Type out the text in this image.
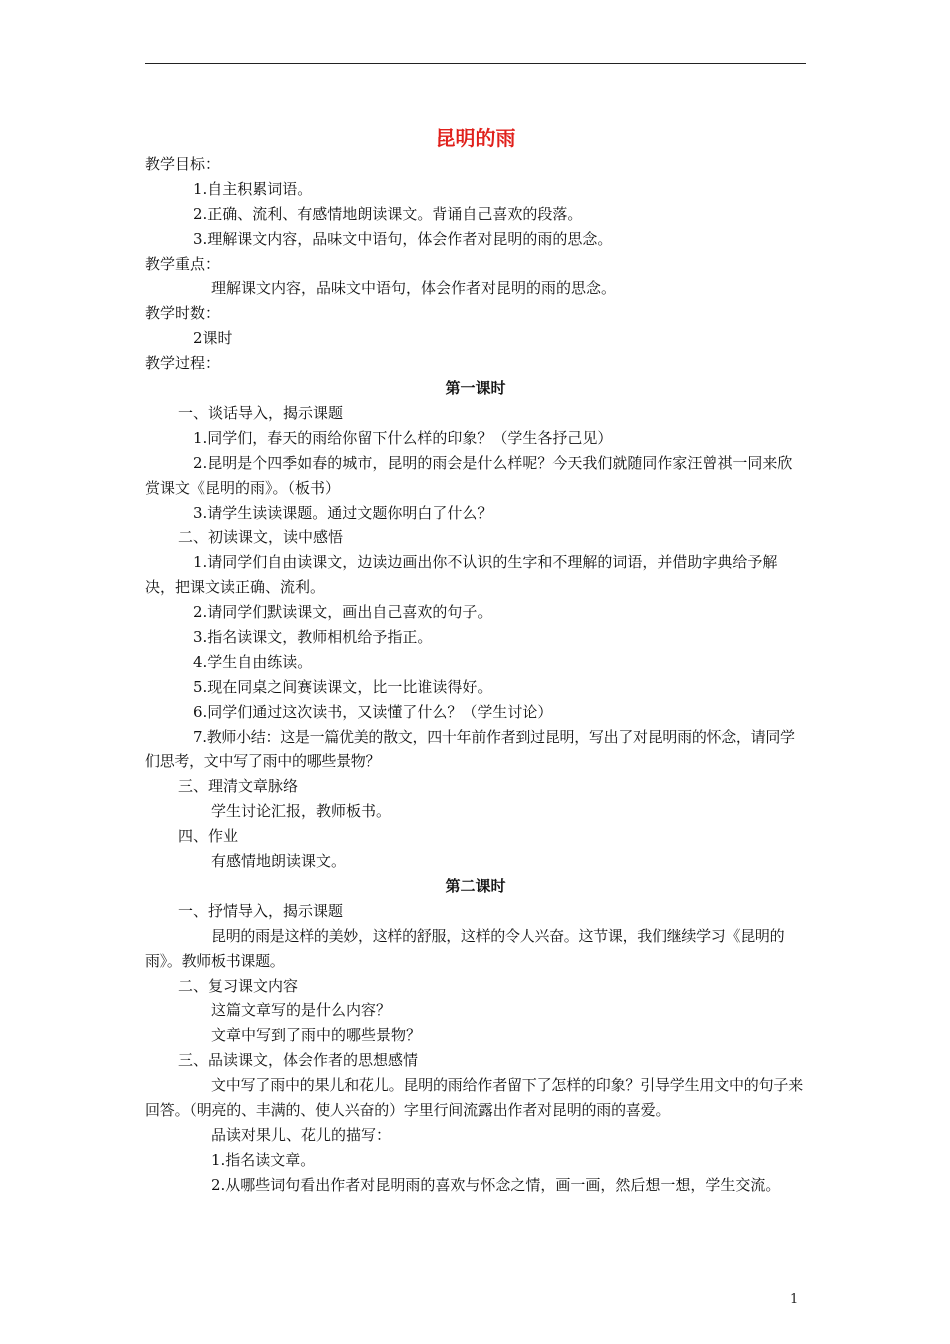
昆明的雨
教学目标：
1.自主积累词语。
2.正确、流利、有感情地朗读课文。背诵自己喜欢的段落。
3.理解课文内容，品味文中语句，体会作者对昆明的雨的思念。
教学重点：
理解课文内容，品味文中语句，体会作者对昆明的雨的思念。
教学时数：
2课时
教学过程：
第一课时
一、谈话导入，揭示课题
1.同学们，春天的雨给你留下什么样的印象？（学生各抒己见）
2.昆明是个四季如春的城市，昆明的雨会是什么样呢？今天我们就随同作家汪曾祺一同来欣赏课文《昆明的雨》。（板书）
3.请学生读读课题。通过文题你明白了什么？
二、初读课文，读中感悟
1.请同学们自由读课文，边读边画出你不认识的生字和不理解的词语，并借助字典给予解决，把课文读正确、流利。
2.请同学们默读课文，画出自己喜欢的句子。
3.指名读课文，教师相机给予指正。
4.学生自由练读。
5.现在同桌之间赛读课文，比一比谁读得好。
6.同学们通过这次读书，又读懂了什么？（学生讨论）
7.教师小结：这是一篇优美的散文，四十年前作者到过昆明，写出了对昆明雨的怀念，请同学们思考，文中写了雨中的哪些景物？
三、理清文章脉络
学生讨论汇报，教师板书。
四、作业
有感情地朗读课文。
第二课时
一、抒情导入，揭示课题
昆明的雨是这样的美妙，这样的舒服，这样的令人兴奋。这节课，我们继续学习《昆明的雨》。教师板书课题。
二、复习课文内容
这篇文章写的是什么内容？
文章中写到了雨中的哪些景物？
三、品读课文，体会作者的思想感情
文中写了雨中的果儿和花儿。昆明的雨给作者留下了怎样的印象？引导学生用文中的句子来回答。（明亮的、丰满的、使人兴奋的）字里行间流露出作者对昆明的雨的喜爱。
品读对果儿、花儿的描写：
1.指名读文章。
2.从哪些词句看出作者对昆明雨的喜欢与怀念之情，画一画，然后想一想，学生交流。
1
